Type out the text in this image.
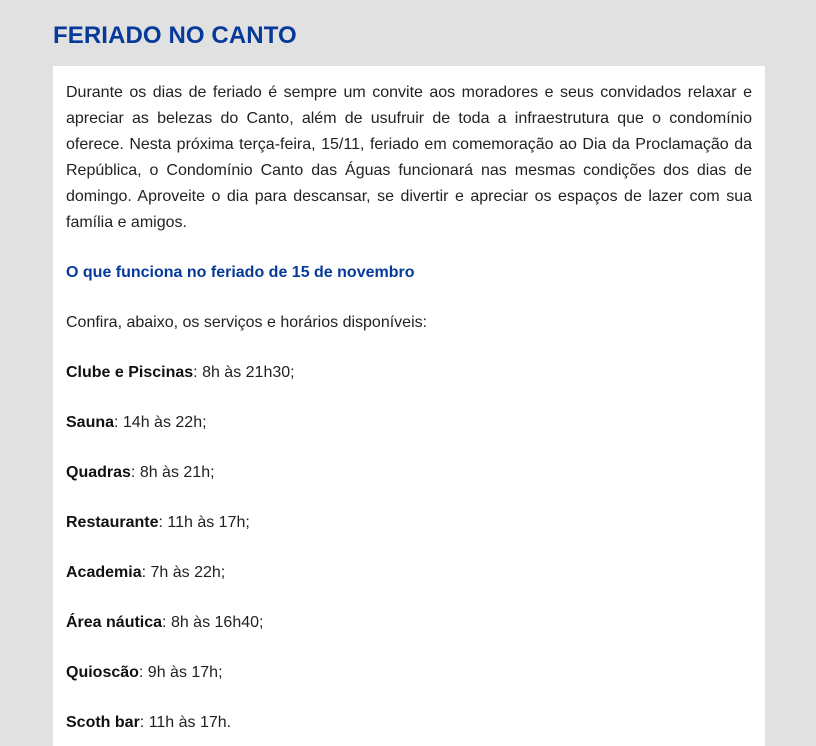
FERIADO NO CANTO

Durante os dias de feriado é sempre um convite aos moradores e seus convidados relaxar e apreciar as belezas do Canto, além de usufruir de toda a infraestrutura que o condomínio oferece. Nesta próxima terça-feira, 15/11, feriado em comemoração ao Dia da Proclamação da República, o Condomínio Canto das Águas funcionará nas mesmas condições dos dias de domingo. Aproveite o dia para descansar, se divertir e apreciar os espaços de lazer com sua família e amigos.

O que funciona no feriado de 15 de novembro

Confira, abaixo, os serviços e horários disponíveis:

Clube e Piscinas: 8h às 21h30;

Sauna: 14h às 22h;

Quadras: 8h às 21h;

Restaurante: 11h às 17h;

Academia: 7h às 22h;

Área náutica: 8h às 16h40;

Quioscão: 9h às 17h;

Scoth bar: 11h às 17h.
